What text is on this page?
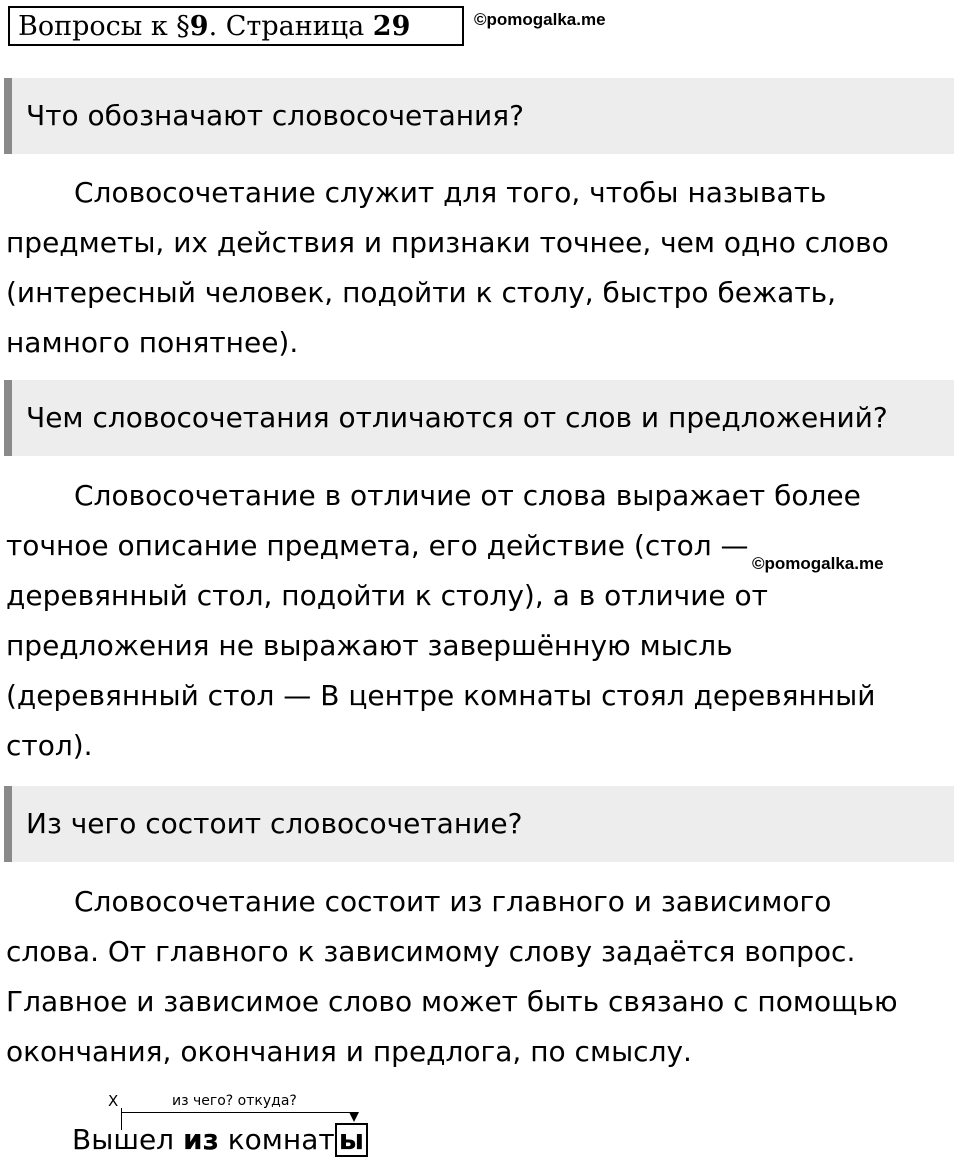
Вопросы к §9. Страница 29	©pomogalka.me
Что обозначают словосочетания?
Словосочетание служит для того, чтобы называть
предметы, их действия и признаки точнее, чем одно слово
(интересный человек, подойти к столу, быстро бежать,
намного понятнее).
Чем словосочетания отличаются от слов и предложений?
Словосочетание в отличие от слова выражает более
точное описание предмета, его действие (стол —
деревянный стол, подойти к столу), а в отличие от
предложения не выражают завершённую мысль
(деревянный стол — В центре комнаты стоял деревянный
стол).
©pomogalka.me
Из чего состоит словосочетание?
Словосочетание состоит из главного и зависимого
слова. От главного к зависимому слову задаётся вопрос.
Главное и зависимое слово может быть связано с помощью
окончания, окончания и предлога, по смыслу.
X	из чего? откуда?
Вышел из комнат ы
